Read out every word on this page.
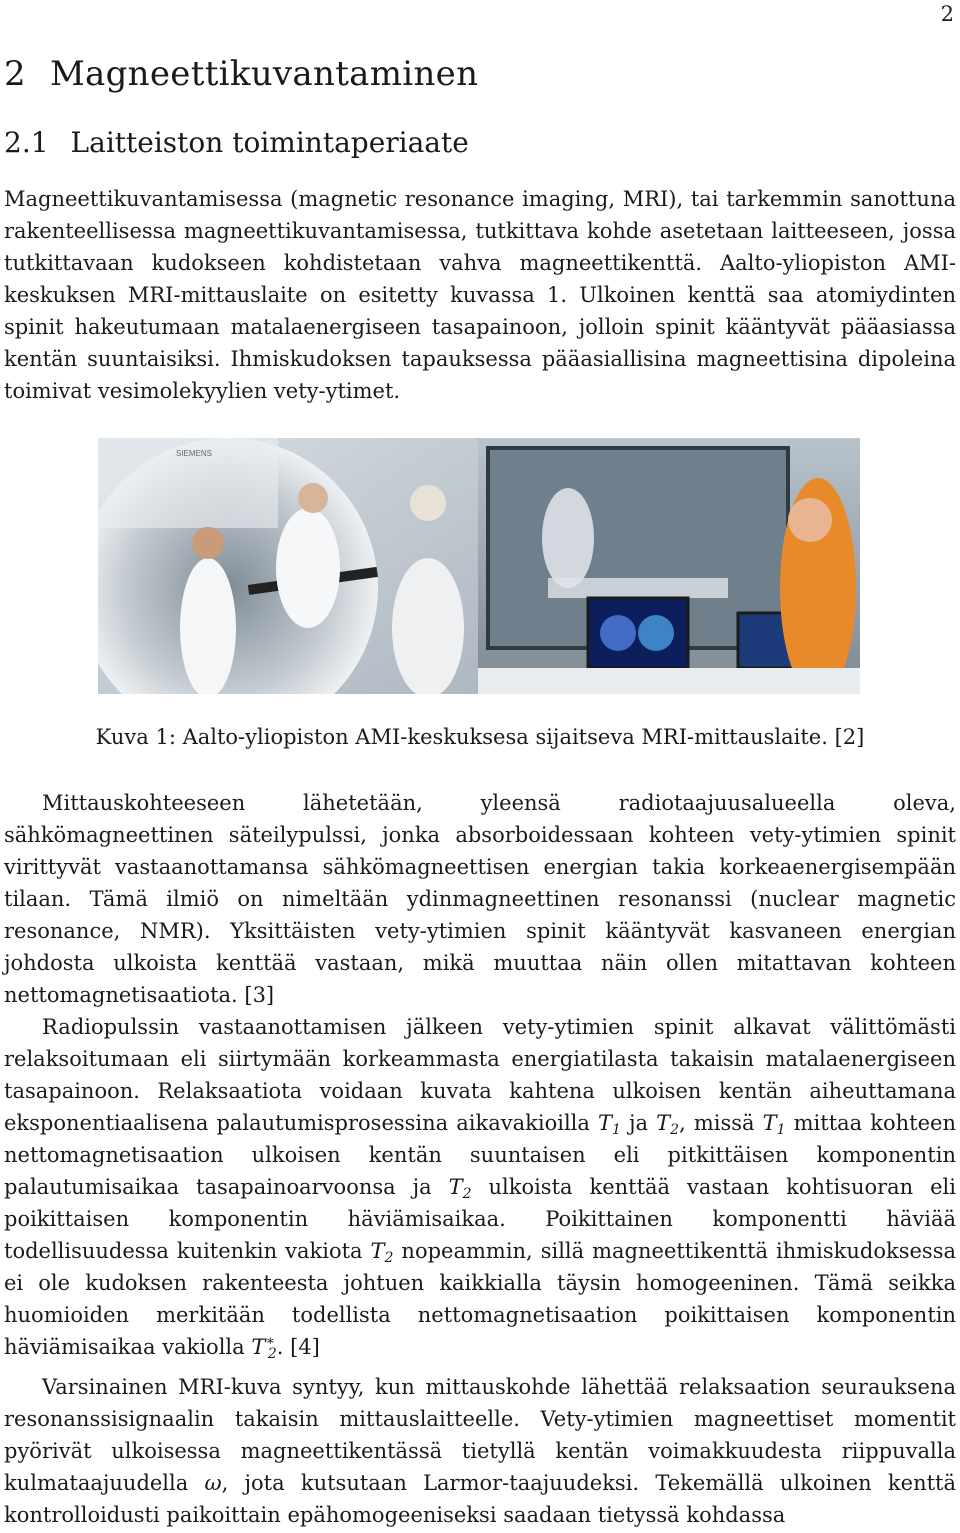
2
2 Magneettikuvantaminen
2.1 Laitteiston toimintaperiaate

Magneettikuvantamisessa (magnetic resonance imaging, MRI), tai tarkemmin sanottuna rakenteellisessa magneettikuvantamisessa, tutkittava kohde asetetaan laitteeseen, jossa tutkittavaan kudokseen kohdistetaan vahva magneettikenttä. Aalto-yliopiston AMI-keskuksen MRI-mittauslaite on esitetty kuvassa 1. Ulkoinen kenttä saa atomiydinten spinit hakeutumaan matalaenergiseen tasapainoon, jolloin spinit kääntyvät pääasiassa kentän suuntaisiksi. Ihmiskudoksen tapauksessa pääasiallisina magneettisina dipoleina toimivat vesimolekyylien vety-ytimet.

SIEMENS

Kuva 1: Aalto-yliopiston AMI-keskuksesa sijaitseva MRI-mittauslaite. [2]

Mittauskohteeseen lähetetään, yleensä radiotaajuusalueella oleva, sähkömagneettinen säteilypulssi, jonka absorboidessaan kohteen vety-ytimien spinit virittyvät vastaanottamansa sähkömagneettisen energian takia korkeaenergisempään tilaan. Tämä ilmiö on nimeltään ydinmagneettinen resonanssi (nuclear magnetic resonance, NMR). Yksittäisten vety-ytimien spinit kääntyvät kasvaneen energian johdosta ulkoista kenttää vastaan, mikä muuttaa näin ollen mitattavan kohteen nettomagnetisaatiota. [3]

Radiopulssin vastaanottamisen jälkeen vety-ytimien spinit alkavat välittömästi relaksoitumaan eli siirtymään korkeammasta energiatilasta takaisin matalaenergiseen tasapainoon. Relaksaatiota voidaan kuvata kahtena ulkoisen kentän aiheuttamana eksponentiaalisena palautumisprosessina aikavakioilla $T_1$ ja $T_2$, missä $T_1$ mittaa kohteen nettomagnetisaation ulkoisen kentän suuntaisen eli pitkittäisen komponentin palautumisaikaa tasapainoarvoonsa ja $T_2$ ulkoista kenttää vastaan kohtisuoran eli poikittaisen komponentin häviämisaikaa. Poikittainen komponentti häviää todellisuudessa kuitenkin vakiota $T_2$ nopeammin, sillä magneettikenttä ihmiskudoksessa ei ole kudoksen rakenteesta johtuen kaikkialla täysin homogeeninen. Tämä seikka huomioiden merkitään todellista nettomagnetisaation poikittaisen komponentin häviämisaikaa vakiolla $T^∗_2$. [4]

Varsinainen MRI-kuva syntyy, kun mittauskohde lähettää relaksaation seurauksena resonanssisignaalin takaisin mittauslaitteelle. Vety-ytimien magneettiset momentit pyörivät ulkoisessa magneettikentässä tietyllä kentän voimakkuudesta riippuvalla kulmataajuudella ω, jota kutsutaan Larmor-taajuudeksi. Tekemällä ulkoinen kenttä kontrolloidusti paikoittain epähomogeeniseksi saadaan tietyssä kohdassa
